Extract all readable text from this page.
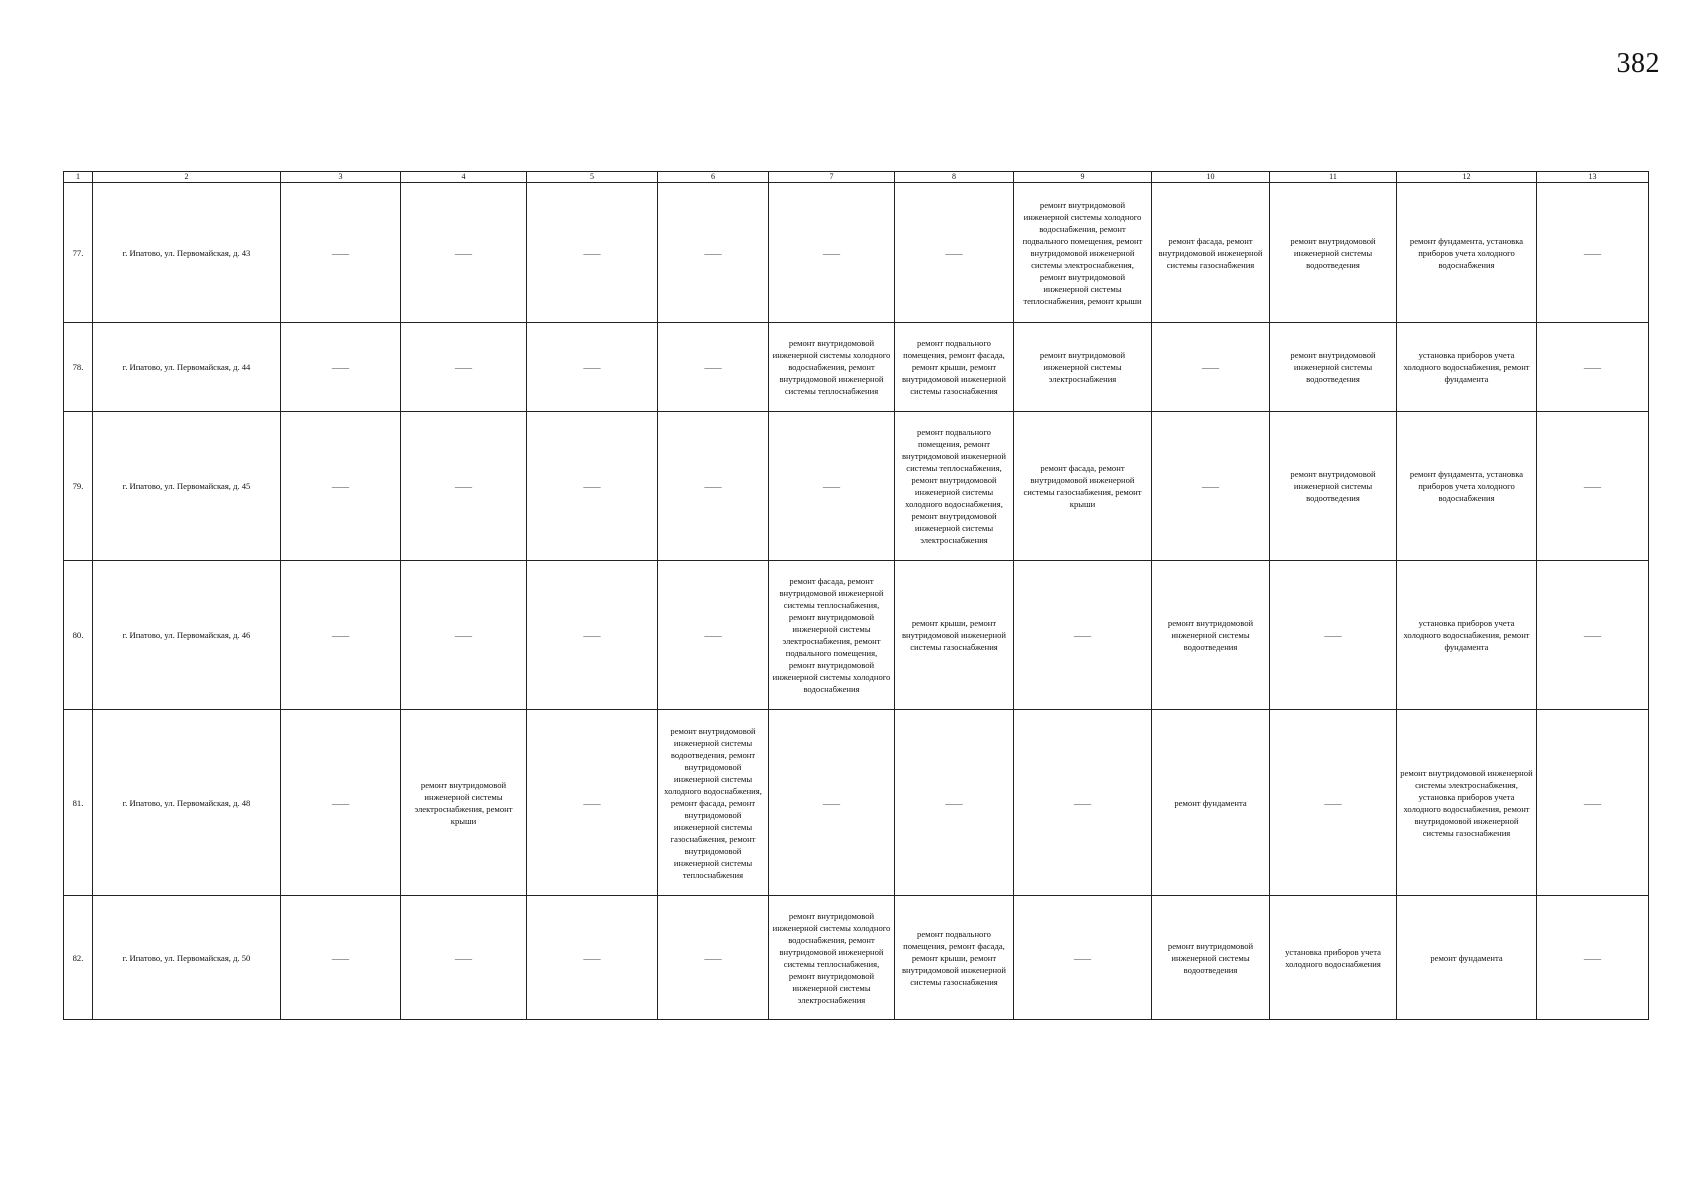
382
1	2	3	4	5	6	7	8	9	10	11	12	13
77.	г. Ипатово, ул. Первомайская, д. 43	——	——	——	——	——	——	ремонт внутридомовой инженерной системы холодного водоснабжения, ремонт подвального помещения, ремонт внутридомовой инженерной системы электроснабжения, ремонт внутридомовой инженерной системы теплоснабжения, ремонт крыши	ремонт фасада, ремонт внутридомовой инженерной системы газоснабжения	ремонт внутридомовой инженерной системы водоотведения	ремонт фундамента, установка приборов учета холодного водоснабжения	——
78.	г. Ипатово, ул. Первомайская, д. 44	——	——	——	——	ремонт внутридомовой инженерной системы холодного водоснабжения, ремонт внутридомовой инженерной системы теплоснабжения	ремонт подвального помещения, ремонт фасада, ремонт крыши, ремонт внутридомовой инженерной системы газоснабжения	ремонт внутридомовой инженерной системы электроснабжения	——	ремонт внутридомовой инженерной системы водоотведения	установка приборов учета холодного водоснабжения, ремонт фундамента	——
79.	г. Ипатово, ул. Первомайская, д. 45	——	——	——	——	——	ремонт подвального помещения, ремонт внутридомовой инженерной системы теплоснабжения, ремонт внутридомовой инженерной системы холодного водоснабжения, ремонт внутридомовой инженерной системы электроснабжения	ремонт фасада, ремонт внутридомовой инженерной системы газоснабжения, ремонт крыши	——	ремонт внутридомовой инженерной системы водоотведения	ремонт фундамента, установка приборов учета холодного водоснабжения	——
80.	г. Ипатово, ул. Первомайская, д. 46	——	——	——	——	ремонт фасада, ремонт внутридомовой инженерной системы теплоснабжения, ремонт внутридомовой инженерной системы электроснабжения, ремонт подвального помещения, ремонт внутридомовой инженерной системы холодного водоснабжения	ремонт крыши, ремонт внутридомовой инженерной системы газоснабжения	——	ремонт внутридомовой инженерной системы водоотведения	——	установка приборов учета холодного водоснабжения, ремонт фундамента	——
81.	г. Ипатово, ул. Первомайская, д. 48	——	ремонт внутридомовой инженерной системы электроснабжения, ремонт крыши	——	ремонт внутридомовой инженерной системы водоотведения, ремонт внутридомовой инженерной системы холодного водоснабжения, ремонт фасада, ремонт внутридомовой инженерной системы газоснабжения, ремонт внутридомовой инженерной системы теплоснабжения	——	——	——	ремонт фундамента	——	ремонт внутридомовой инженерной системы электроснабжения, установка приборов учета холодного водоснабжения, ремонт внутридомовой инженерной системы газоснабжения	——
82.	г. Ипатово, ул. Первомайская, д. 50	——	——	——	——	ремонт внутридомовой инженерной системы холодного водоснабжения, ремонт внутридомовой инженерной системы теплоснабжения, ремонт внутридомовой инженерной системы электроснабжения	ремонт подвального помещения, ремонт фасада, ремонт крыши, ремонт внутридомовой инженерной системы газоснабжения	——	ремонт внутридомовой инженерной системы водоотведения	установка приборов учета холодного водоснабжения	ремонт фундамента	——
